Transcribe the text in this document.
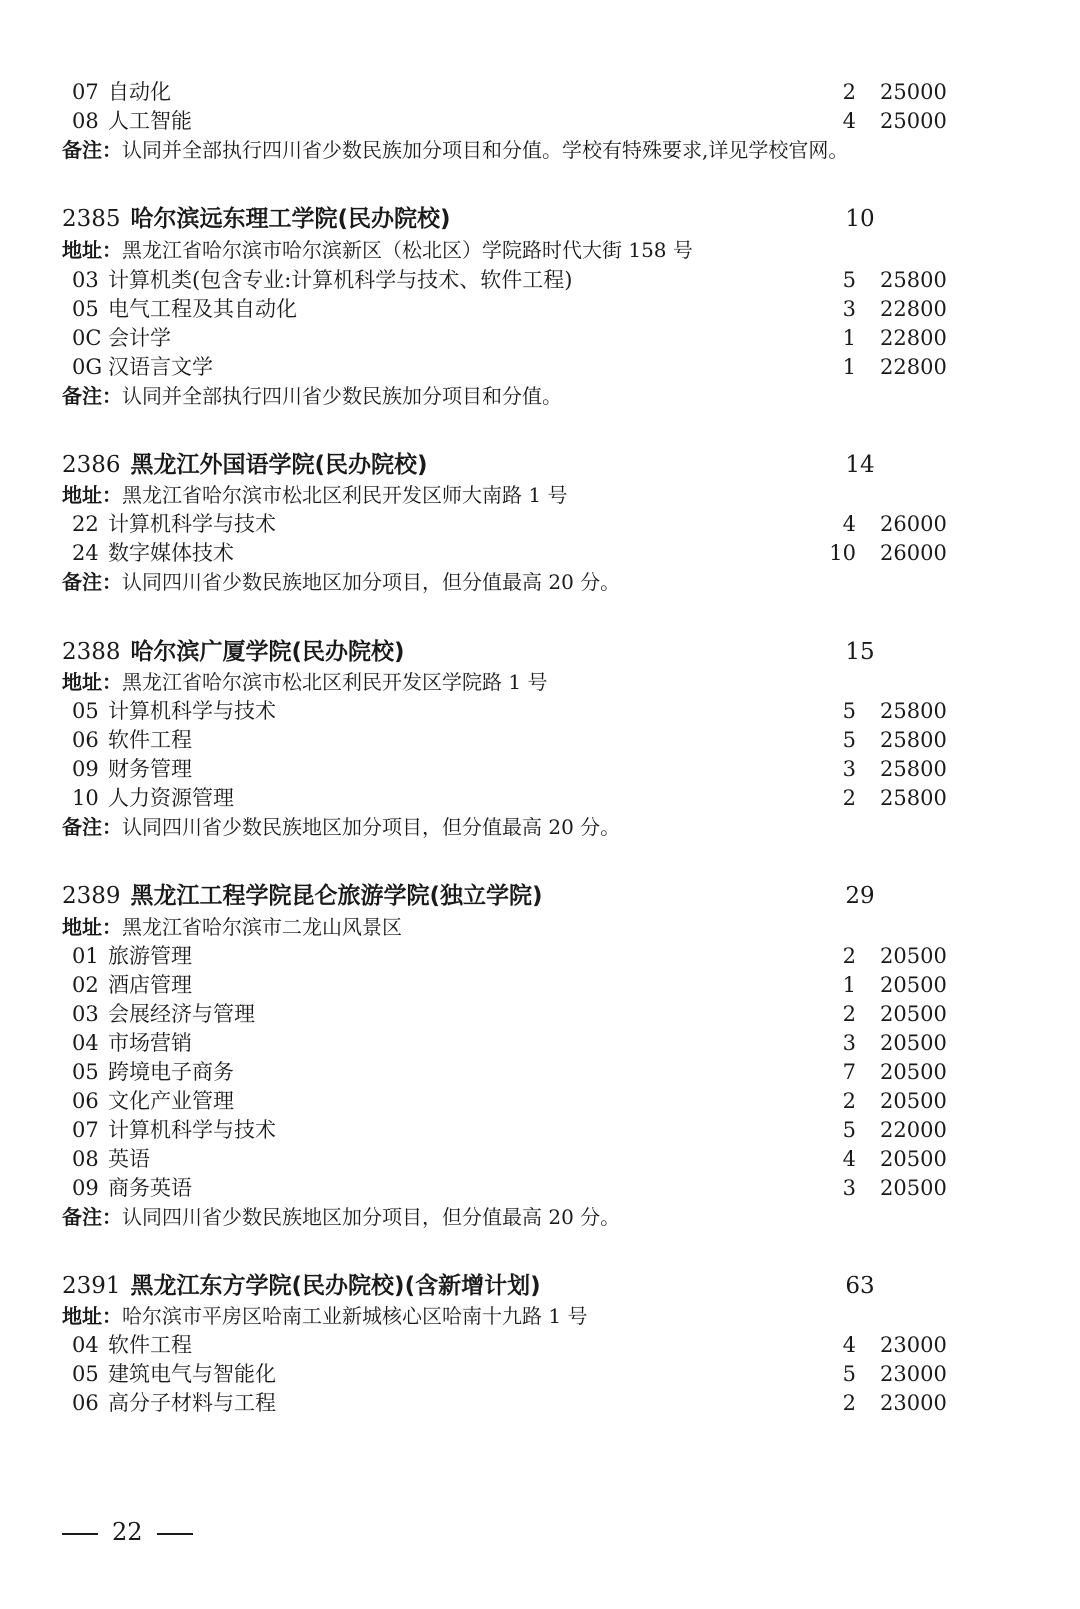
07 自动化	2 25000
08 人工智能	4 25000
备注：认同并全部执行四川省少数民族加分项目和分值。学校有特殊要求,详见学校官网。
2385 哈尔滨远东理工学院(民办院校)	10
地址：黑龙江省哈尔滨市哈尔滨新区（松北区）学院路时代大街 158 号
03 计算机类(包含专业:计算机科学与技术、软件工程)	5 25800
05 电气工程及其自动化	3 22800
0C 会计学	1 22800
0G 汉语言文学	1 22800
备注：认同并全部执行四川省少数民族加分项目和分值。
2386 黑龙江外国语学院(民办院校)	14
地址：黑龙江省哈尔滨市松北区利民开发区师大南路 1 号
22 计算机科学与技术	4 26000
24 数字媒体技术	10 26000
备注：认同四川省少数民族地区加分项目，但分值最高 20 分。
2388 哈尔滨广厦学院(民办院校)	15
地址：黑龙江省哈尔滨市松北区利民开发区学院路 1 号
05 计算机科学与技术	5 25800
06 软件工程	5 25800
09 财务管理	3 25800
10 人力资源管理	2 25800
备注：认同四川省少数民族地区加分项目，但分值最高 20 分。
2389 黑龙江工程学院昆仑旅游学院(独立学院)	29
地址：黑龙江省哈尔滨市二龙山风景区
01 旅游管理	2 20500
02 酒店管理	1 20500
03 会展经济与管理	2 20500
04 市场营销	3 20500
05 跨境电子商务	7 20500
06 文化产业管理	2 20500
07 计算机科学与技术	5 22000
08 英语	4 20500
09 商务英语	3 20500
备注：认同四川省少数民族地区加分项目，但分值最高 20 分。
2391 黑龙江东方学院(民办院校)(含新增计划)	63
地址：哈尔滨市平房区哈南工业新城核心区哈南十九路 1 号
04 软件工程	4 23000
05 建筑电气与智能化	5 23000
06 高分子材料与工程	2 23000
22
